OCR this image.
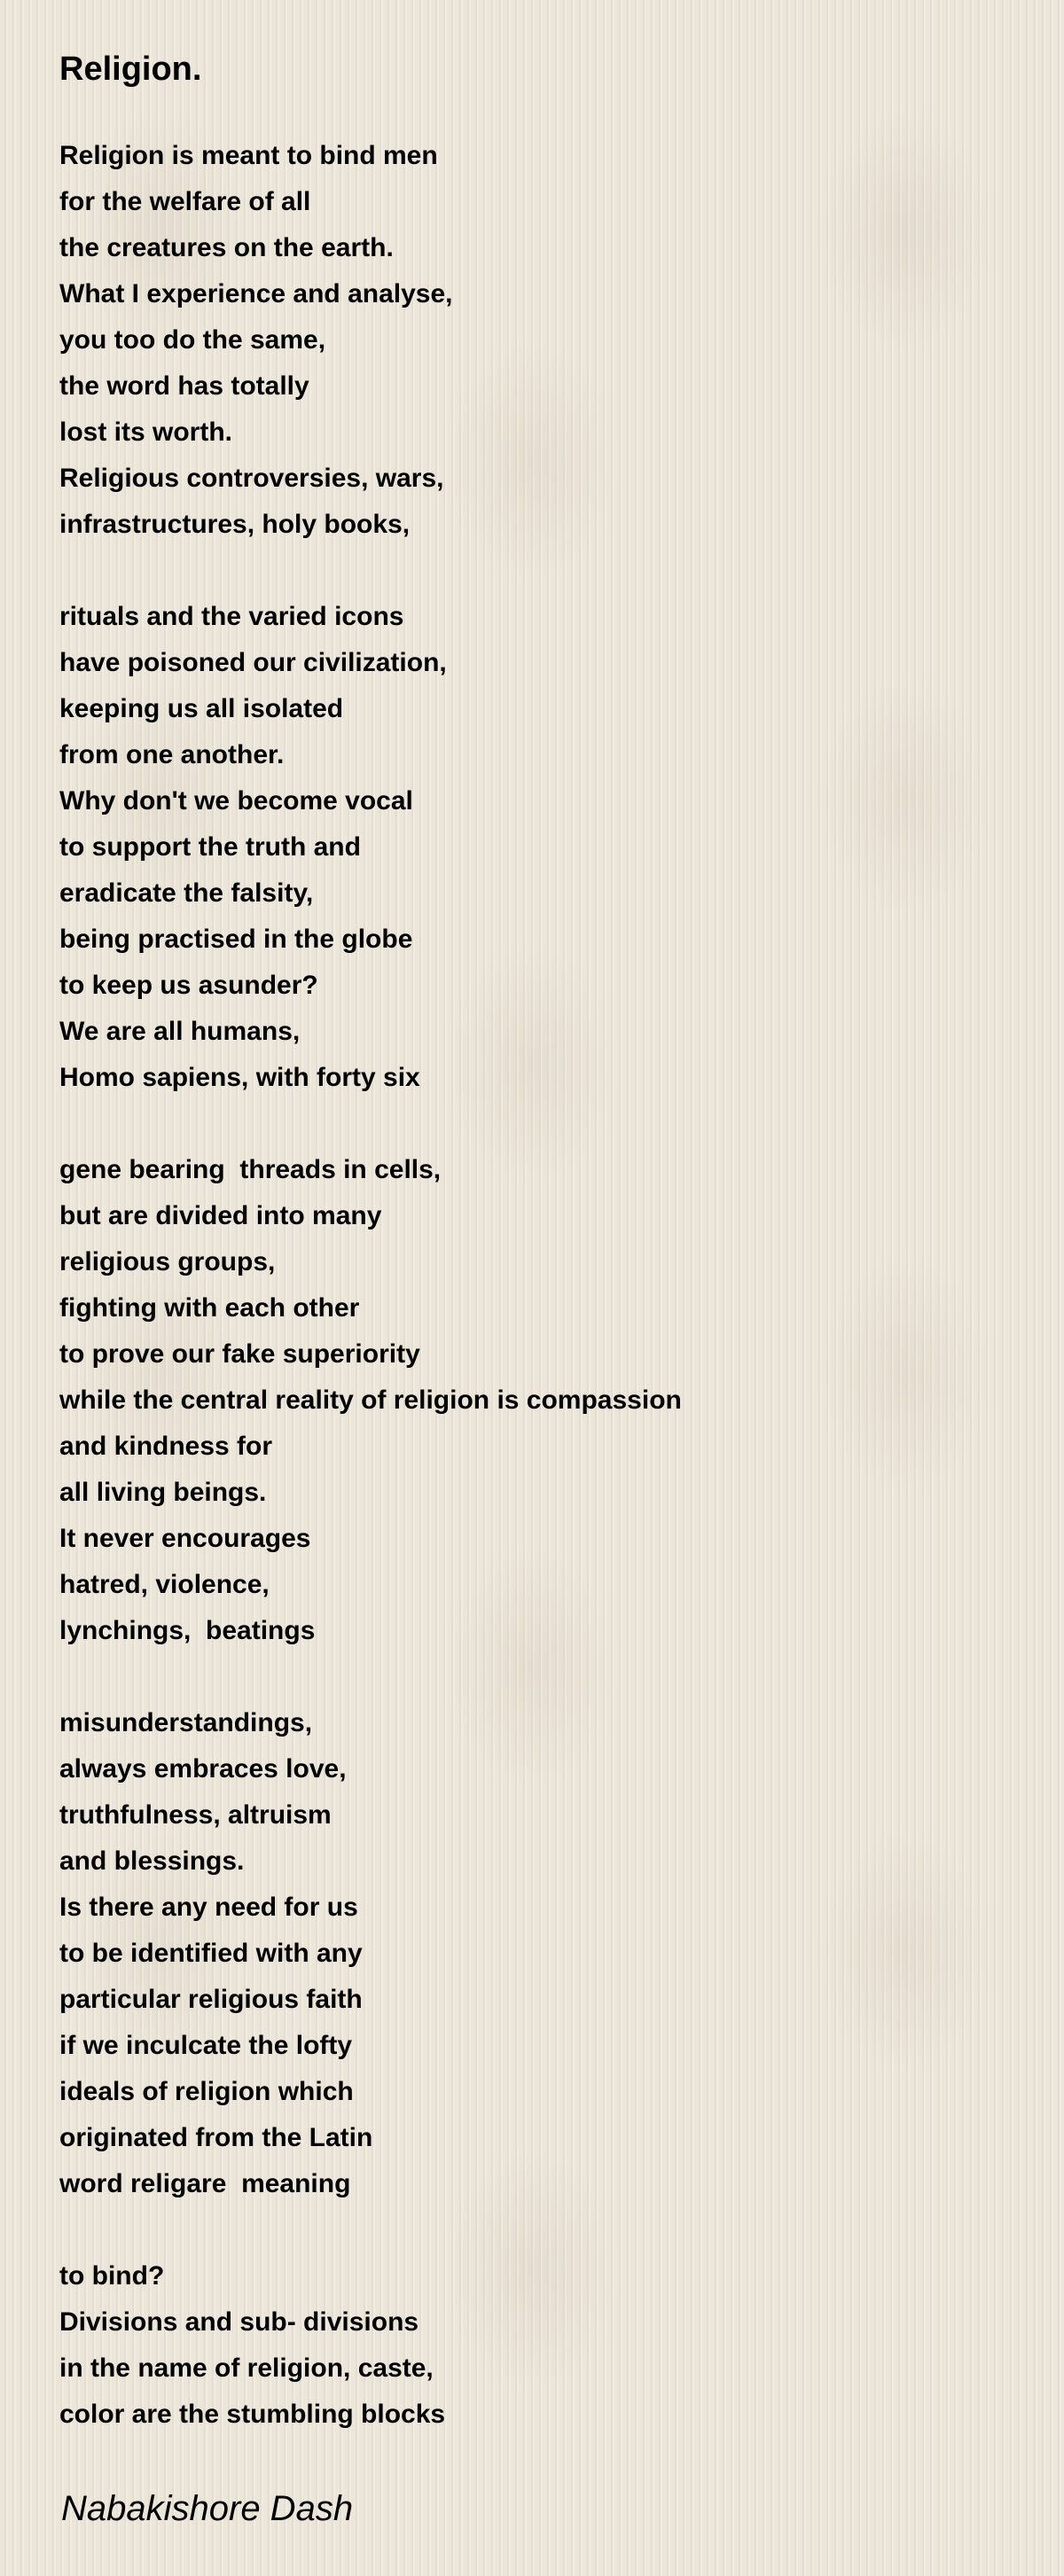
Religion.
Religion is meant to bind men
for the welfare of all
the creatures on the earth.
What I experience and analyse,
you too do the same,
the word has totally
lost its worth.
Religious controversies, wars,
infrastructures, holy books,
rituals and the varied icons
have poisoned our civilization,
keeping us all isolated
from one another.
Why don't we become vocal
to support the truth and
eradicate the falsity,
being practised in the globe
to keep us asunder?
We are all humans,
Homo sapiens, with forty six
gene bearing  threads in cells,
but are divided into many
religious groups,
fighting with each other
to prove our fake superiority
while the central reality of religion is compassion
and kindness for
all living beings.
It never encourages
hatred, violence,
lynchings,  beatings
misunderstandings,
always embraces love,
truthfulness, altruism
and blessings.
Is there any need for us
to be identified with any
particular religious faith
if we inculcate the lofty
ideals of religion which
originated from the Latin
word religare  meaning
to bind?
Divisions and sub- divisions
in the name of religion, caste,
color are the stumbling blocks
Nabakishore Dash
